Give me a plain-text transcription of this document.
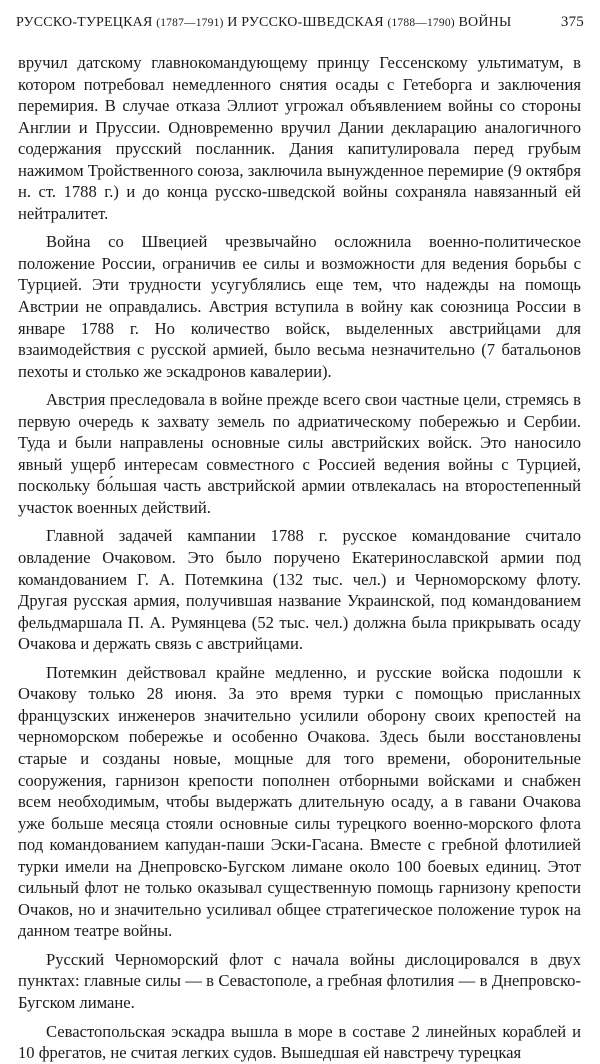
РУССКО-ТУРЕЦКАЯ (1787—1791) И РУССКО-ШВЕДСКАЯ (1788—1790) ВОЙНЫ	375

вручил датскому главнокомандующему принцу Гессенскому ультиматум, в котором потребовал немедленного снятия осады с Гетеборга и заключения перемирия. В случае отказа Эллиот угрожал объявлением войны со стороны Англии и Пруссии. Одновременно вручил Дании декларацию аналогичного содержания прусский посланник. Дания капитулировала перед грубым нажимом Тройственного союза, заключила вынужденное перемирие (9 октября н. ст. 1788 г.) и до конца русско-шведской войны сохраняла навязанный ей нейтралитет.

Война со Швецией чрезвычайно осложнила военно-политическое положение России, ограничив ее силы и возможности для ведения борьбы с Турцией. Эти трудности усугублялись еще тем, что надежды на помощь Австрии не оправдались. Австрия вступила в войну как союзница России в январе 1788 г. Но количество войск, выделенных австрийцами для взаимодействия с русской армией, было весьма незначительно (7 батальонов пехоты и столько же эскадронов кавалерии).

Австрия преследовала в войне прежде всего свои частные цели, стремясь в первую очередь к захвату земель по адриатическому побережью и Сербии. Туда и были направлены основные силы австрийских войск. Это наносило явный ущерб интересам совместного с Россией ведения войны с Турцией, поскольку бо́льшая часть австрийской армии отвлекалась на второстепенный участок военных действий.

Главной задачей кампании 1788 г. русское командование считало овладение Очаковом. Это было поручено Екатеринославской армии под командованием Г. А. Потемкина (132 тыс. чел.) и Черноморскому флоту. Другая русская армия, получившая название Украинской, под командованием фельдмаршала П. А. Румянцева (52 тыс. чел.) должна была прикрывать осаду Очакова и держать связь с австрийцами.

Потемкин действовал крайне медленно, и русские войска подошли к Очакову только 28 июня. За это время турки с помощью присланных французских инженеров значительно усилили оборону своих крепостей на черноморском побережье и особенно Очакова. Здесь были восстановлены старые и созданы новые, мощные для того времени, оборонительные сооружения, гарнизон крепости пополнен отборными войсками и снабжен всем необходимым, чтобы выдержать длительную осаду, а в гавани Очакова уже больше месяца стояли основные силы турецкого военно-морского флота под командованием капудан-паши Эски-Гасана. Вместе с гребной флотилией турки имели на Днепровско-Бугском лимане около 100 боевых единиц. Этот сильный флот не только оказывал существенную помощь гарнизону крепости Очаков, но и значительно усиливал общее стратегическое положение турок на данном театре войны.

Русский Черноморский флот с начала войны дислоцировался в двух пунктах: главные силы — в Севастополе, а гребная флотилия — в Днепровско-Бугском лимане.

Севастопольская эскадра вышла в море в составе 2 линейных кораблей и 10 фрегатов, не считая легких судов. Вышедшая ей навстречу турецкая
